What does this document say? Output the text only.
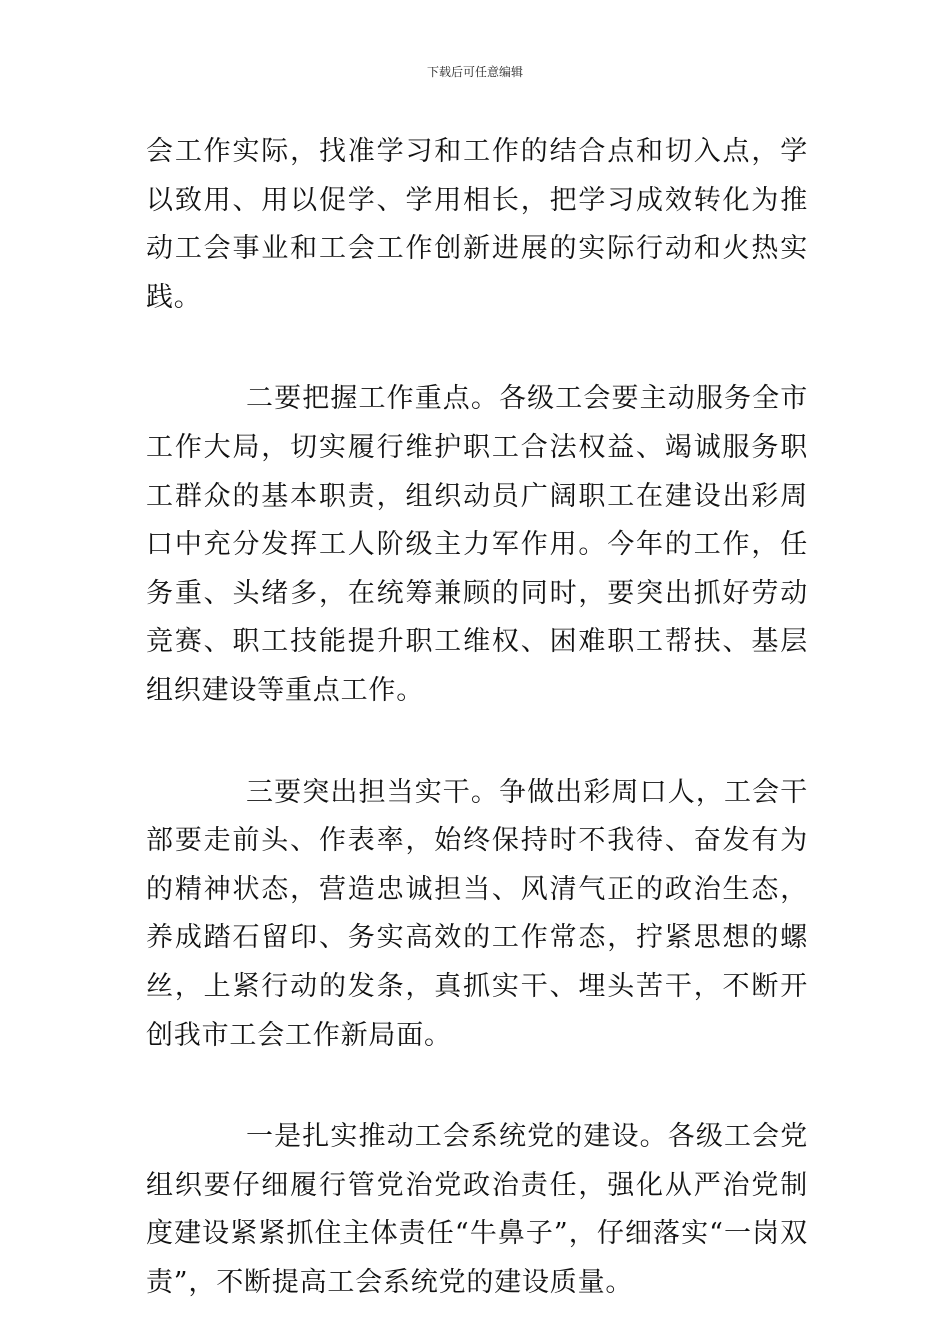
下载后可任意编辑

会工作实际，找准学习和工作的结合点和切入点，学以致用、用以促学、学用相长，把学习成效转化为推动工会事业和工会工作创新进展的实际行动和火热实践。

二要把握工作重点。各级工会要主动服务全市工作大局，切实履行维护职工合法权益、竭诚服务职工群众的基本职责，组织动员广阔职工在建设出彩周口中充分发挥工人阶级主力军作用。今年的工作，任务重、头绪多，在统筹兼顾的同时，要突出抓好劳动竞赛、职工技能提升职工维权、困难职工帮扶、基层组织建设等重点工作。

三要突出担当实干。争做出彩周口人，工会干部要走前头、作表率，始终保持时不我待、奋发有为的精神状态，营造忠诚担当、风清气正的政治生态，养成踏石留印、务实高效的工作常态，拧紧思想的螺丝，上紧行动的发条，真抓实干、埋头苦干，不断开创我市工会工作新局面。

一是扎实推动工会系统党的建设。各级工会党组织要仔细履行管党治党政治责任，强化从严治党制度建设紧紧抓住主体责任“牛鼻子”，仔细落实“一岗双责”，不断提高工会系统党的建设质量。
